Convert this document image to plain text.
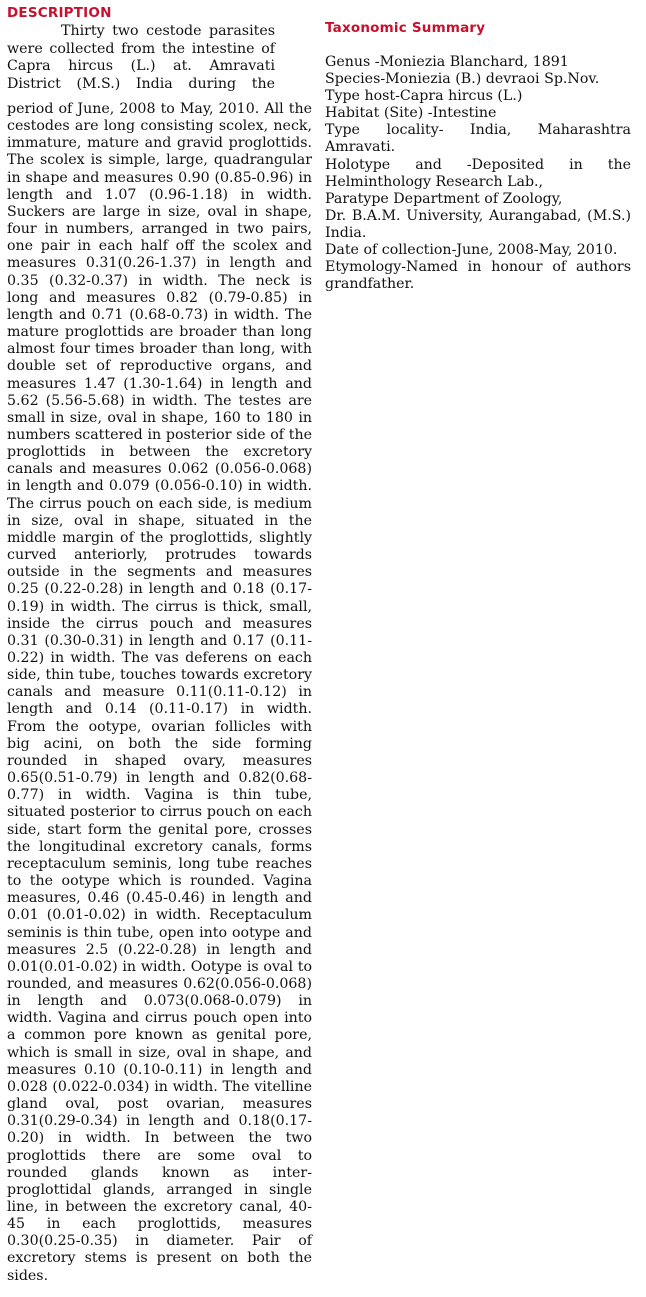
DESCRIPTION

Thirty two cestode parasites were collected from the intestine of Capra hircus (L.) at. Amravati District (M.S.) India during the

period of June, 2008 to May, 2010. All the cestodes are long consisting scolex, neck, immature, mature and gravid proglottids. The scolex is simple, large, quadrangular in shape and measures 0.90 (0.85-0.96) in length and 1.07 (0.96-1.18) in width. Suckers are large in size, oval in shape, four in numbers, arranged in two pairs, one pair in each half off the scolex and measures 0.31(0.26-1.37) in length and 0.35 (0.32-0.37) in width. The neck is long and measures 0.82 (0.79-0.85) in length and 0.71 (0.68-0.73) in width. The mature proglottids are broader than long almost four times broader than long, with double set of reproductive organs, and measures 1.47 (1.30-1.64) in length and 5.62 (5.56-5.68) in width. The testes are small in size, oval in shape, 160 to 180 in numbers scattered in posterior side of the proglottids in between the excretory canals and measures 0.062 (0.056-0.068) in length and 0.079 (0.056-0.10) in width. The cirrus pouch on each side, is medium in size, oval in shape, situated in the middle margin of the proglottids, slightly curved anteriorly, protrudes towards outside in the segments and measures 0.25 (0.22-0.28) in length and 0.18 (0.17-0.19) in width. The cirrus is thick, small, inside the cirrus pouch and measures 0.31 (0.30-0.31) in length and 0.17 (0.11-0.22) in width. The vas deferens on each side, thin tube, touches towards excretory canals and measure 0.11(0.11-0.12) in length and 0.14 (0.11-0.17) in width. From the ootype, ovarian follicles with big acini, on both the side forming rounded in shaped ovary, measures 0.65(0.51-0.79) in length and 0.82(0.68-0.77) in width. Vagina is thin tube, situated posterior to cirrus pouch on each side, start form the genital pore, crosses the longitudinal excretory canals, forms receptaculum seminis, long tube reaches to the ootype which is rounded. Vagina measures, 0.46 (0.45-0.46) in length and 0.01 (0.01-0.02) in width. Receptaculum seminis is thin tube, open into ootype and measures 2.5 (0.22-0.28) in length and 0.01(0.01-0.02) in width. Ootype is oval to rounded, and measures 0.62(0.056-0.068) in length and 0.073(0.068-0.079) in width. Vagina and cirrus pouch open into a common pore known as genital pore, which is small in size, oval in shape, and measures 0.10 (0.10-0.11) in length and 0.028 (0.022-0.034) in width. The vitelline gland oval, post ovarian, measures 0.31(0.29-0.34) in length and 0.18(0.17-0.20) in width. In between the two proglottids there are some oval to rounded glands known as inter-proglottidal glands, arranged in single line, in between the excretory canal, 40-45 in each proglottids, measures 0.30(0.25-0.35) in diameter. Pair of excretory stems is present on both the sides.

Taxonomic Summary
Genus -Moniezia Blanchard, 1891
Species-Moniezia (B.) devraoi Sp.Nov.
Type host-Capra hircus (L.)
Habitat (Site) -Intestine
Type locality- India, Maharashtra Amravati.
Holotype and -Deposited in the Helminthology Research Lab.,
Paratype Department of Zoology,
Dr. B.A.M. University, Aurangabad, (M.S.) India.
Date of collection-June, 2008-May, 2010.
Etymology-Named in honour of authors grandfather.
